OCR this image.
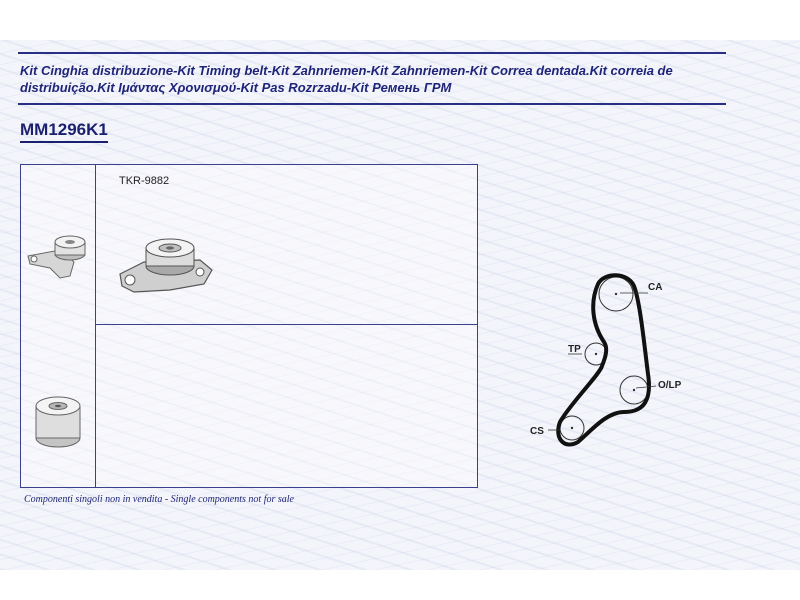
Kit Cinghia distribuzione-Kit Timing belt-Kit Zahnriemen-Kit Zahnriemen-Kit Correa dentada.Kit correia de distribuição.Kit Ιμάντας Χρονισμού-Kit Pas Rozrzadu-Kit Ремень ГРМ

MM1296K1

TKR-9882

CA
TP
O/LP
CS
Componenti singoli non in vendita - Single components not for sale
